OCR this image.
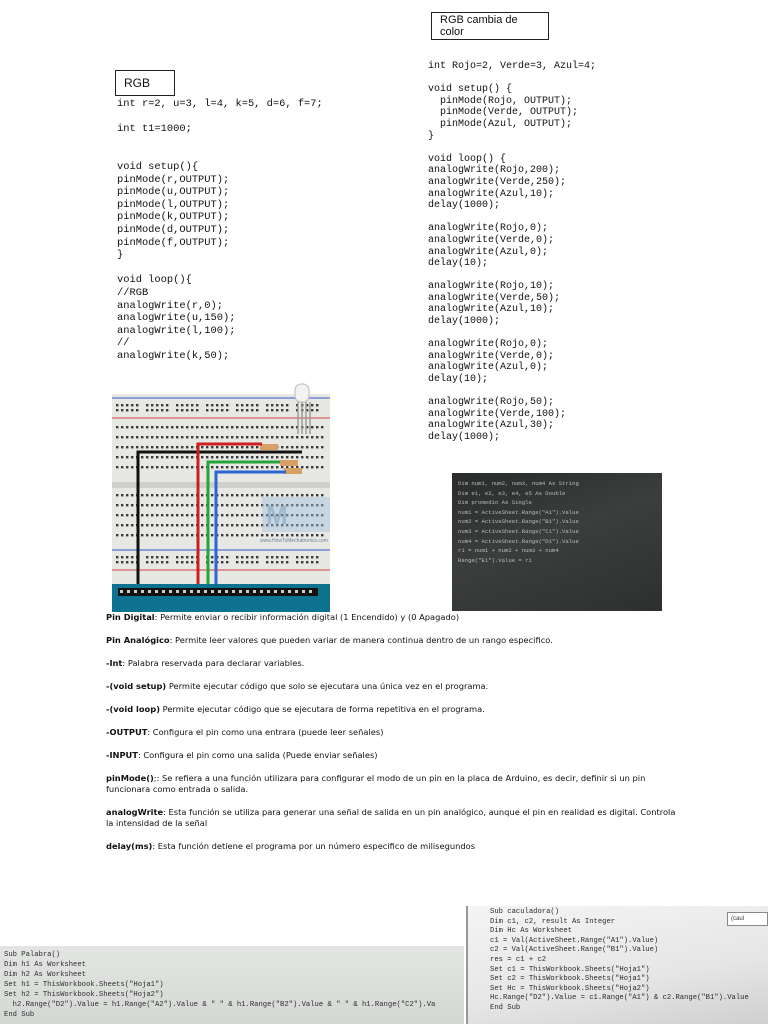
RGB cambia de color
RGB
int r=2, u=3, l=4, k=5, d=6, f=7;
int t1=1000;
void setup(){
pinMode(r,OUTPUT);
pinMode(u,OUTPUT);
pinMode(l,OUTPUT);
pinMode(k,OUTPUT);
pinMode(d,OUTPUT);
pinMode(f,OUTPUT);
}
void loop(){
//RGB
analogWrite(r,0);
analogWrite(u,150);
analogWrite(l,100);
//
analogWrite(k,50);
int Rojo=2, Verde=3, Azul=4;
void setup() {
pinMode(Rojo, OUTPUT);
pinMode(Verde, OUTPUT);
pinMode(Azul, OUTPUT);
}
void loop() {
analogWrite(Rojo,200);
analogWrite(Verde,250);
analogWrite(Azul,10);
delay(1000);
analogWrite(Rojo,0);
analogWrite(Verde,0);
analogWrite(Azul,0);
delay(10);
analogWrite(Rojo,10);
analogWrite(Verde,50);
analogWrite(Azul,10);
delay(1000);
analogWrite(Rojo,0);
analogWrite(Verde,0);
analogWrite(Azul,0);
delay(10);
analogWrite(Rojo,50);
analogWrite(Verde,100);
analogWrite(Azul,30);
delay(1000);
M
www.HowToMechatronics.com
Dim num1, num2, num3, num4 As String
Dim e1, e2, e3, e4, e5 As Double
Dim promedio As Single
num1 = ActiveSheet.Range("A1").Value
num2 = ActiveSheet.Range("B1").Value
num3 = ActiveSheet.Range("C1").Value
num4 = ActiveSheet.Range("D1").Value
r1 = num1 + num2 + num3 + num4
Range("E1").Value = r1

Pin Digital: Permite enviar o recibir información digital (1 Encendido) y (0 Apagado)

Pin Analógico: Permite leer valores que pueden variar de manera continua dentro de un rango especifico.

-Int: Palabra reservada para declarar variables.

-(void setup) Permite ejecutar código que solo se ejecutara una única vez en el programa.

-(void loop) Permite ejecutar código que se ejecutara de forma repetitiva en el programa.

-OUTPUT: Configura el pin como una entrara (puede leer señales)

-INPUT: Configura el pin como una salida (Puede enviar señales)

pinMode();: Se refiera a una función utilizara para configurar el modo de un pin en la placa de Arduino, es decir, definir si un pin funcionara como entrada o salida.

analogWrite: Esta función se utiliza para generar una señal de salida en un pin analógico, aunque el pin en realidad es digital. Controla la intensidad de la señal

delay(ms): Esta función detiene el programa por un número especifico de milisegundos

Sub caculadora()
Dim c1, c2, result As Integer
Dim Hc As Worksheet
c1 = Val(ActiveSheet.Range("A1").Value)
c2 = Val(ActiveSheet.Range("B1").Value)
res = c1 + c2
Set c1 = ThisWorkbook.Sheets("Hoja1")
Set c2 = ThisWorkbook.Sheets("Hoja1")
Set Hc = ThisWorkbook.Sheets("Hoja2")
Hc.Range("D2").Value = c1.Range("A1") & c2.Range("B1").Value
End Sub
(caul
Sub Palabra()
Dim h1 As Worksheet
Dim h2 As Worksheet
Set h1 = ThisWorkbook.Sheets("Hoja1")
Set h2 = ThisWorkbook.Sheets("Hoja2")
h2.Range("D2").Value = h1.Range("A2").Value & " " & h1.Range("B2").Value & " " & h1.Range("C2").Va
End Sub
